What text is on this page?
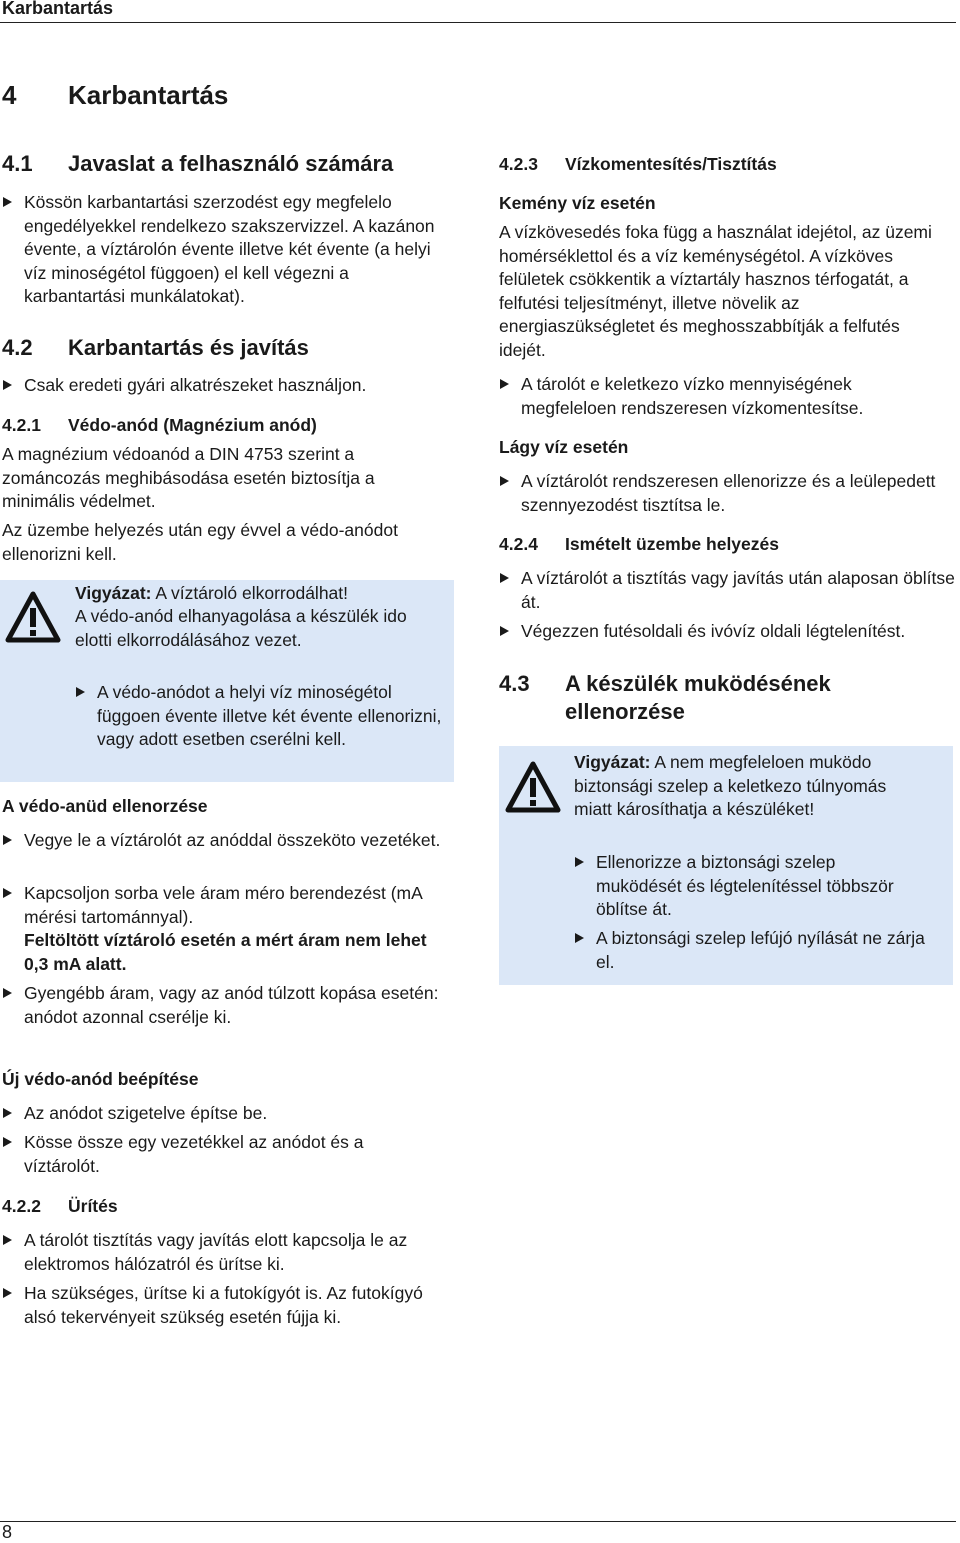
Karbantartás
8
4 Karbantartás
4.1 Javaslat a felhasználó számára
Kössön karbantartási szerzodést egy megfelelo engedélyekkel rendelkezo szakszervizzel. A kazánon évente, a víztárolón évente illetve két évente (a helyi víz minoségétol függoen) el kell végezni a karbantartási munkálatokat).
4.2 Karbantartás és javítás
Csak eredeti gyári alkatrészeket használjon.
4.2.1 Védo-anód (Magnézium anód)
A magnézium védoanód a DIN 4753 szerint a zománcozás meghibásodása esetén biztosítja a minimális védelmet.
Az üzembe helyezés után egy évvel a védo-anódot ellenorizni kell.
Vigyázat: A víztároló elkorrodálhat!
A védo-anód elhanyagolása a készülék ido elotti elkorrodálásához vezet.
A védo-anódot a helyi víz minoségétol függoen évente illetve két évente ellenorizni, vagy adott esetben cserélni kell.
A védo-anüd ellenorzése
Vegye le a víztárolót az anóddal összeköto vezetéket.
Kapcsoljon sorba vele áram méro berendezést (mA mérési tartománnyal).
Feltöltött víztároló esetén a mért áram nem lehet 0,3 mA alatt.
Gyengébb áram, vagy az anód túlzott kopása esetén:
anódot azonnal cserélje ki.
Új védo-anód beépítése
Az anódot szigetelve építse be.
Kösse össze egy vezetékkel az anódot és a víztárolót.
4.2.2 Ürítés
A tárolót tisztítás vagy javítás elott kapcsolja le az elektromos hálózatról és ürítse ki.
Ha szükséges, ürítse ki a futokígyót is. Az futokígyó alsó tekervényeit szükség esetén fújja ki.
4.2.3 Vízkomentesítés/Tisztítás
Kemény víz esetén
A vízkövesedés foka függ a használat idejétol, az üzemi homérséklettol és a víz keménységétol. A vízköves felületek csökkentik a víztartály hasznos térfogatát, a felfutési teljesítményt, illetve növelik az energiaszükségletet és meghosszabbítják a felfutés idejét.
A tárolót e keletkezo vízko mennyiségének megfeleloen rendszeresen vízkomentesítse.
Lágy víz esetén
A víztárolót rendszeresen ellenorizze és a leülepedett szennyezodést tisztítsa le.
4.2.4 Ismételt üzembe helyezés
A víztárolót a tisztítás vagy javítás után alaposan öblítse át.
Végezzen futésoldali és ivóvíz oldali légtelenítést.
4.3 A készülék muködésének
ellenorzése
Vigyázat: A nem megfeleloen muködo biztonsági szelep a keletkezo túlnyomás miatt károsíthatja a készüléket!
Ellenorizze a biztonsági szelep muködését és légtelenítéssel többször öblítse át.
A biztonsági szelep lefújó nyílását ne zárja el.
